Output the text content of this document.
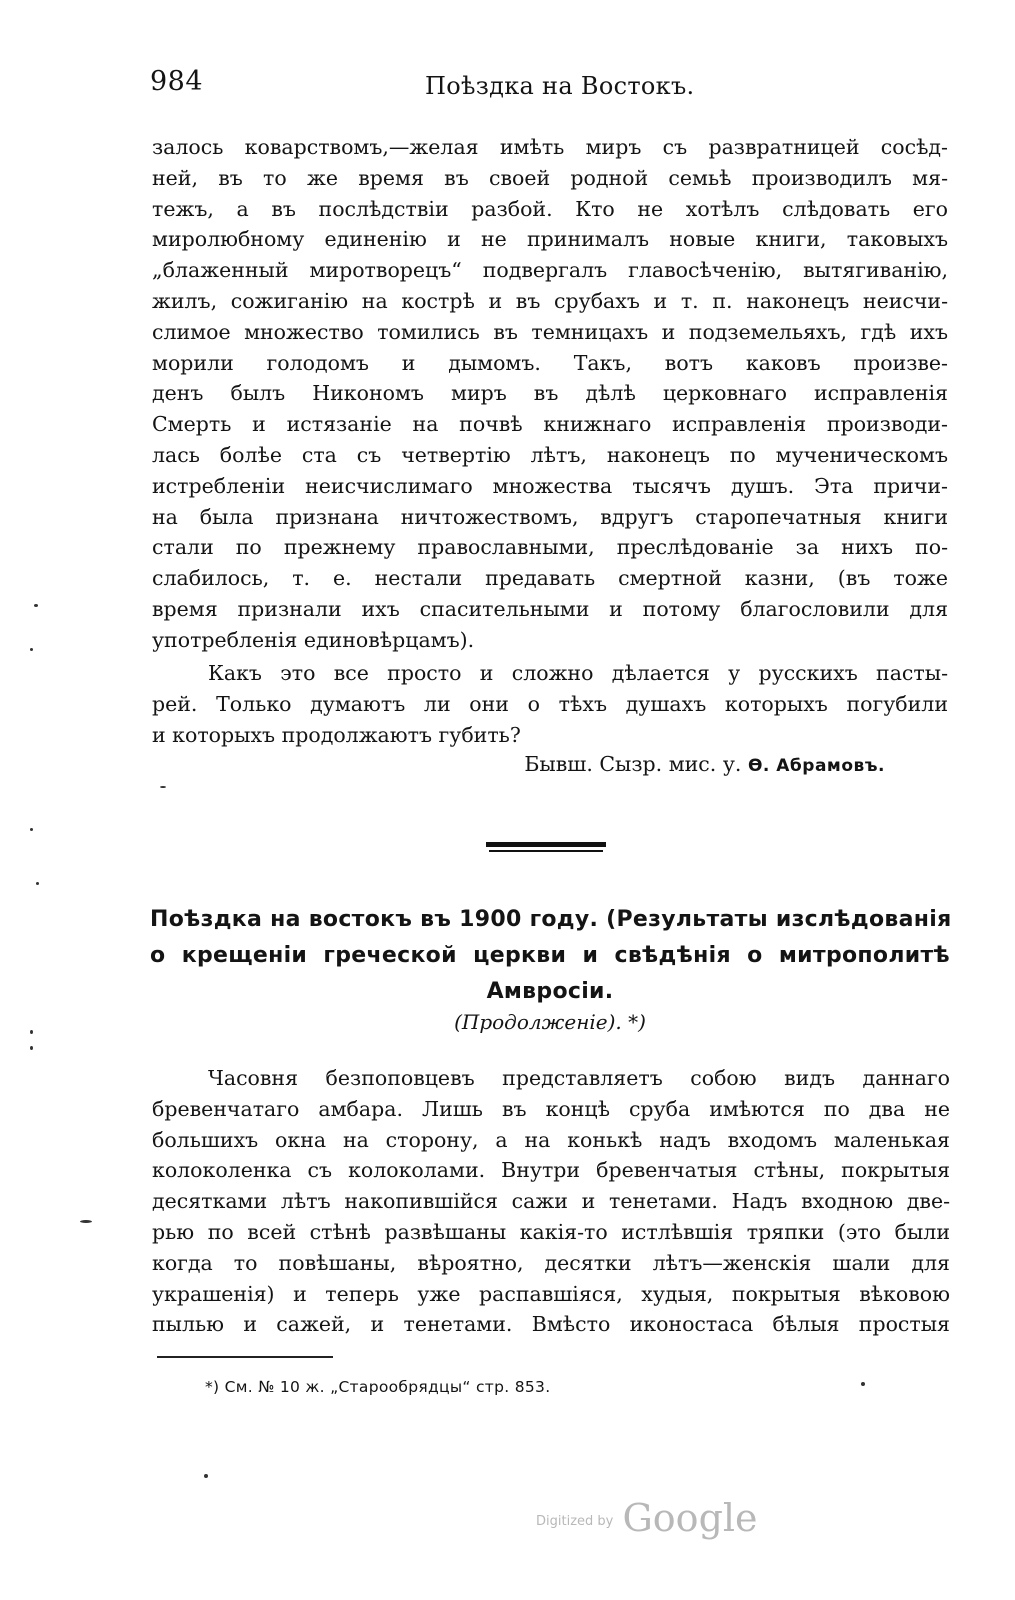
984	Поѣздка на Востокъ.
залось коварствомъ,—желая имѣть миръ съ развратницей сосѣд-
ней, въ то же время въ своей родной семьѣ производилъ мя-
тежъ, а въ послѣдствіи разбой. Кто не хотѣлъ слѣдовать его
миролюбному единенію и не принималъ новые книги, таковыхъ
„блаженный миротворецъ“ подвергалъ главосѣченію, вытягиванію,
жилъ, сожиганію на кострѣ и въ срубахъ и т. п. наконецъ неисчи-
слимое множество томились въ темницахъ и подземельяхъ, гдѣ ихъ
морили голодомъ и дымомъ. Такъ, вотъ каковъ произве-
денъ былъ Никономъ миръ въ дѣлѣ церковнаго исправленія
Смерть и истязаніе на почвѣ книжнаго исправленія производи-
лась болѣе ста съ четвертію лѣтъ, наконецъ по мученическомъ
истребленіи неисчислимаго множества тысячъ душъ. Эта причи-
на была признана ничтожествомъ, вдругъ старопечатныя книги
стали по прежнему православными, преслѣдованіе за нихъ по-
слабилось, т. е. нестали предавать смертной казни, (въ тоже
время признали ихъ спасительными и потому благословили для
употребленія единовѣрцамъ).
Какъ это все просто и сложно дѣлается у русскихъ пасты-
рей. Только думаютъ ли они о тѣхъ душахъ которыхъ погубили
и которыхъ продолжаютъ губить?
Бывш. Сызр. мис. у. Ѳ. Абрамовъ.
Поѣздка на востокъ въ 1900 году. (Результаты изслѣдованія
о крещеніи греческой церкви и свѣдѣнія о митрополитѣ
Амвросіи.
(Продолженіе). *)
Часовня безпоповцевъ представляетъ собою видъ даннаго
бревенчатаго амбара. Лишь въ концѣ сруба имѣются по два не
большихъ окна на сторону, а на конькѣ надъ входомъ маленькая
колоколенка съ колоколами. Внутри бревенчатыя стѣны, покрытыя
десятками лѣтъ накопившійся сажи и тенетами. Надъ входною две-
рью по всей стѣнѣ развѣшаны какія-то истлѣвшія тряпки (это были
когда то повѣшаны, вѣроятно, десятки лѣтъ—женскія шали для
украшенія) и теперь уже распавшіяся, худыя, покрытыя вѣковою
пылью и сажей, и тенетами. Вмѣсто иконостаса бѣлыя простыя
*) См. № 10 ж. „Старообрядцы“ стр. 853.
$^{Digitized by}$ Google
